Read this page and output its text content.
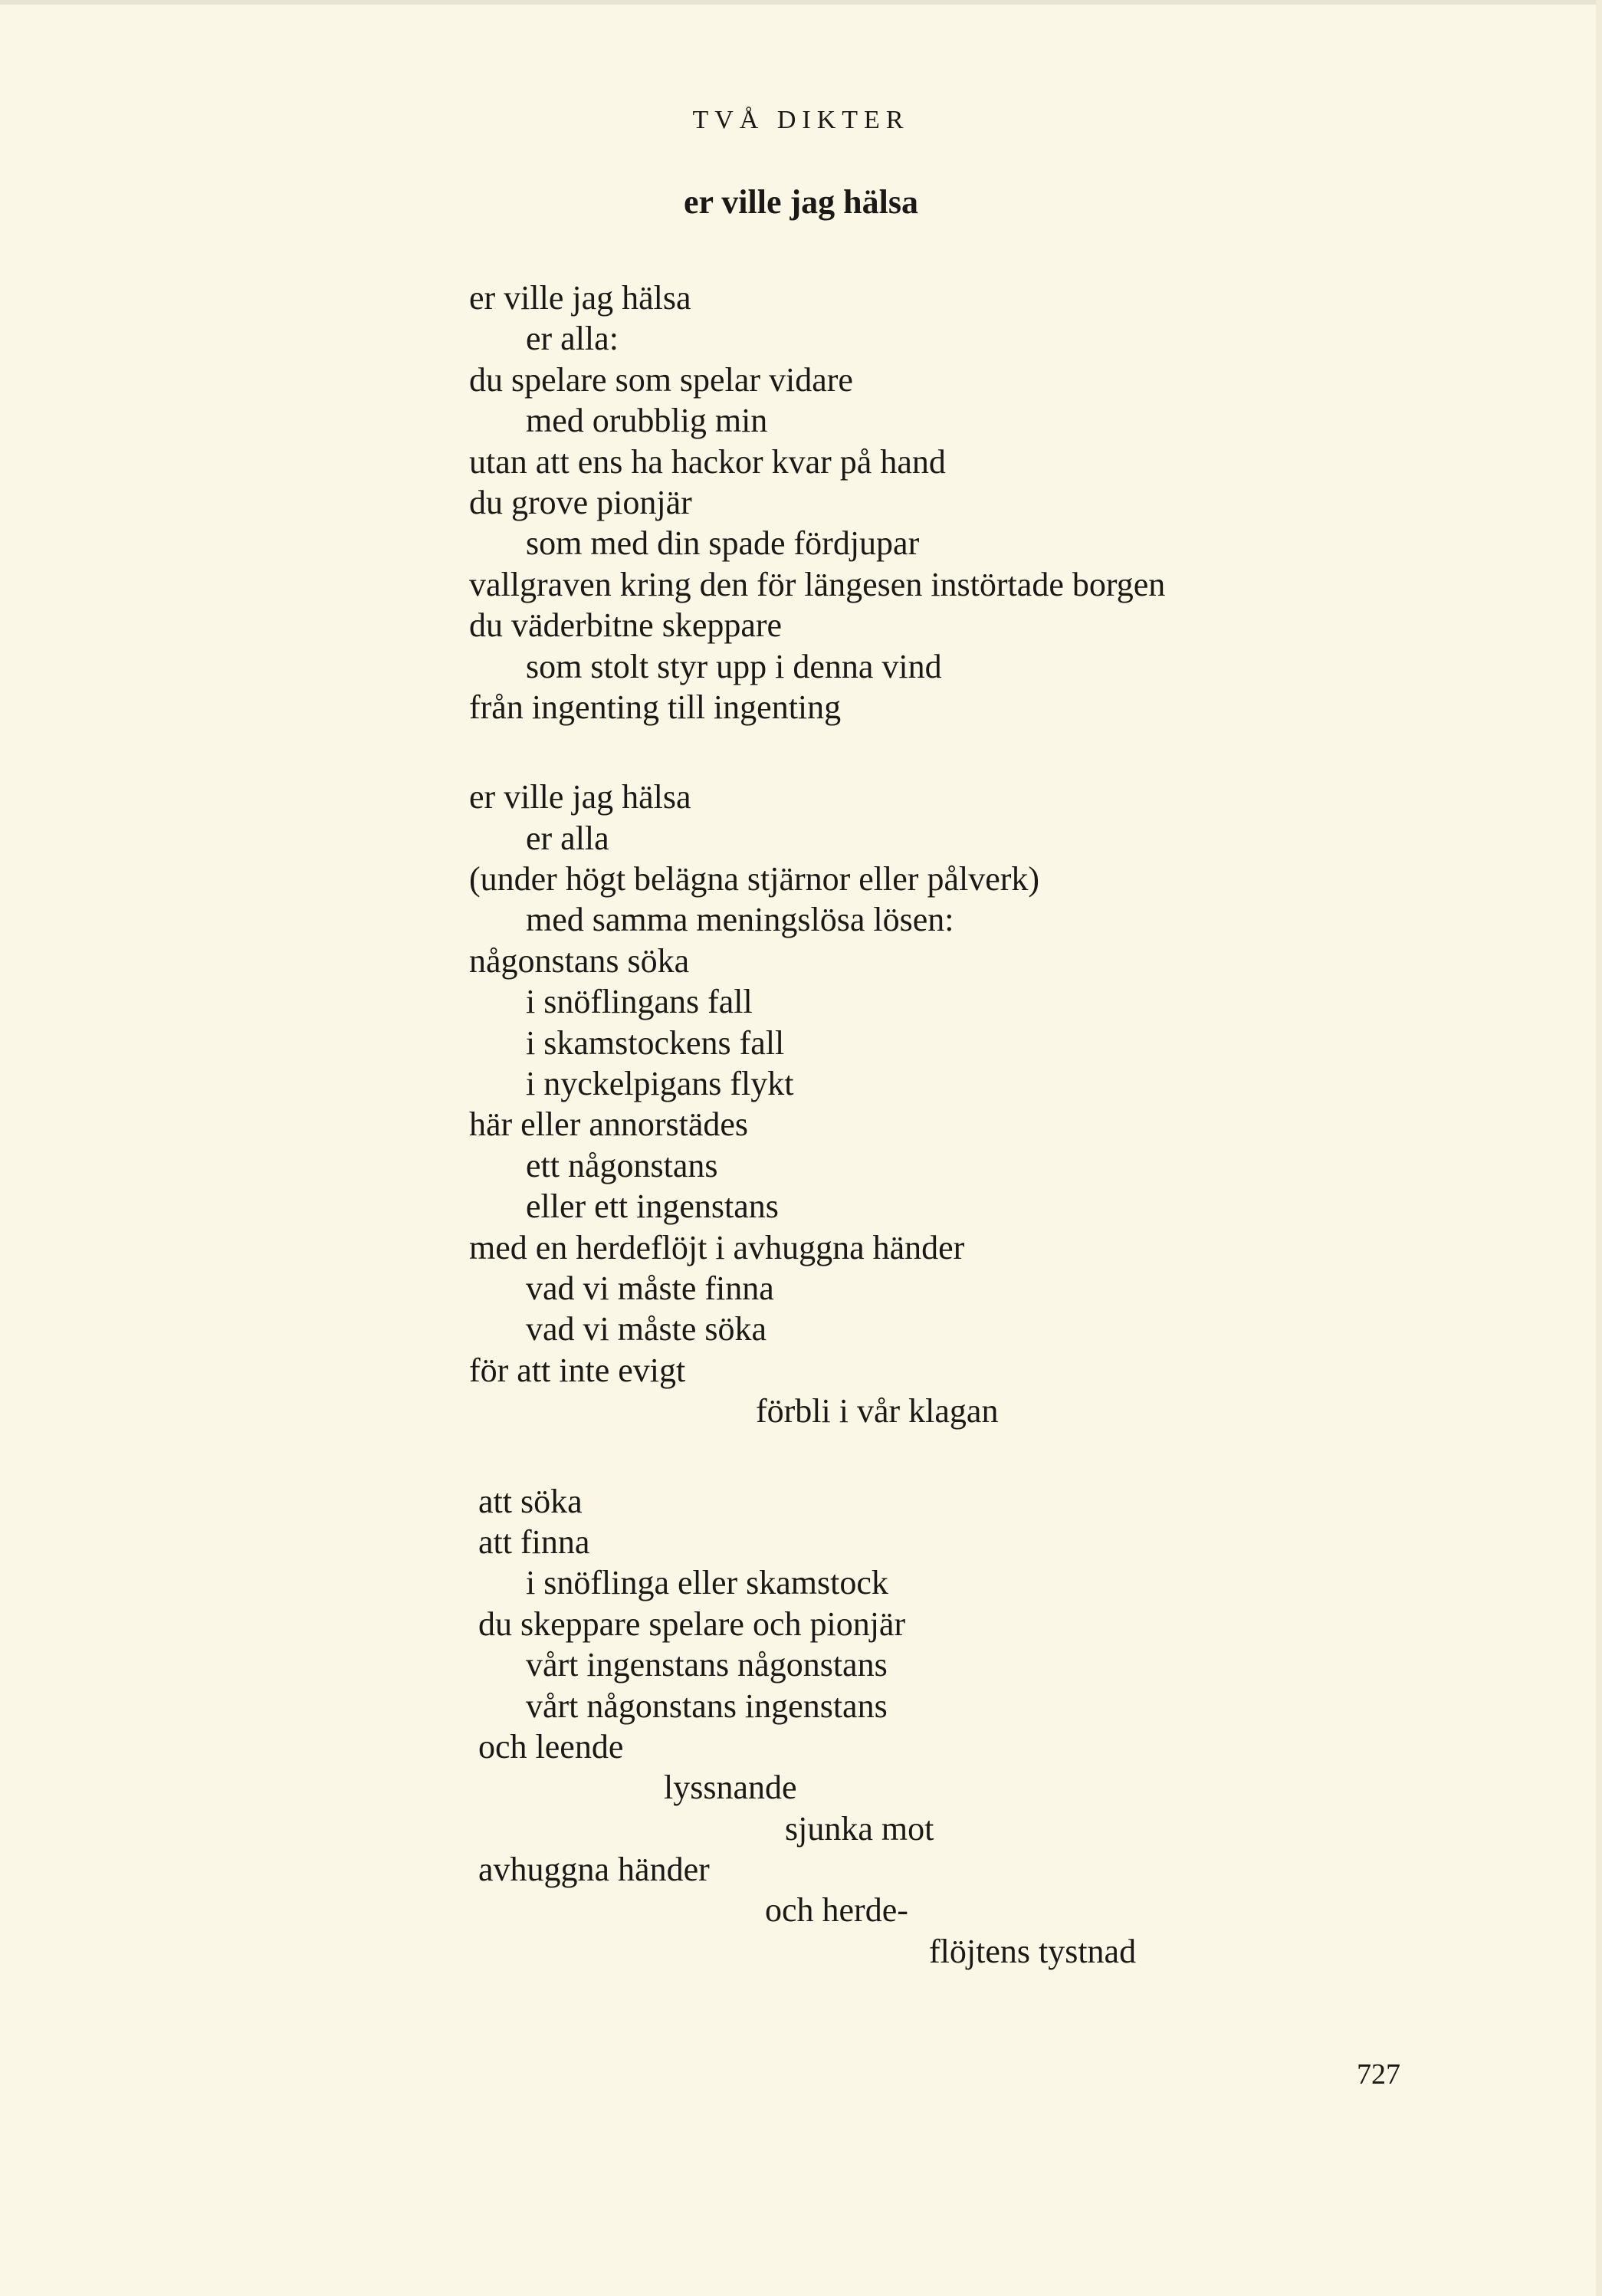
TVÅ DIKTER
er ville jag hälsa
er ville jag hälsa
er alla:
du spelare som spelar vidare
med orubblig min
utan att ens ha hackor kvar på hand
du grove pionjär
som med din spade fördjupar
vallgraven kring den för längesen instörtade borgen
du väderbitne skeppare
som stolt styr upp i denna vind
från ingenting till ingenting
er ville jag hälsa
er alla
(under högt belägna stjärnor eller pålverk)
med samma meningslösa lösen:
någonstans söka
i snöflingans fall
i skamstockens fall
i nyckelpigans flykt
här eller annorstädes
ett någonstans
eller ett ingenstans
med en herdeflöjt i avhuggna händer
vad vi måste finna
vad vi måste söka
för att inte evigt
förbli i vår klagan
att söka
att finna
i snöflinga eller skamstock
du skeppare spelare och pionjär
vårt ingenstans någonstans
vårt någonstans ingenstans
och leende
lyssnande
sjunka mot
avhuggna händer
och herde-
flöjtens tystnad
727
